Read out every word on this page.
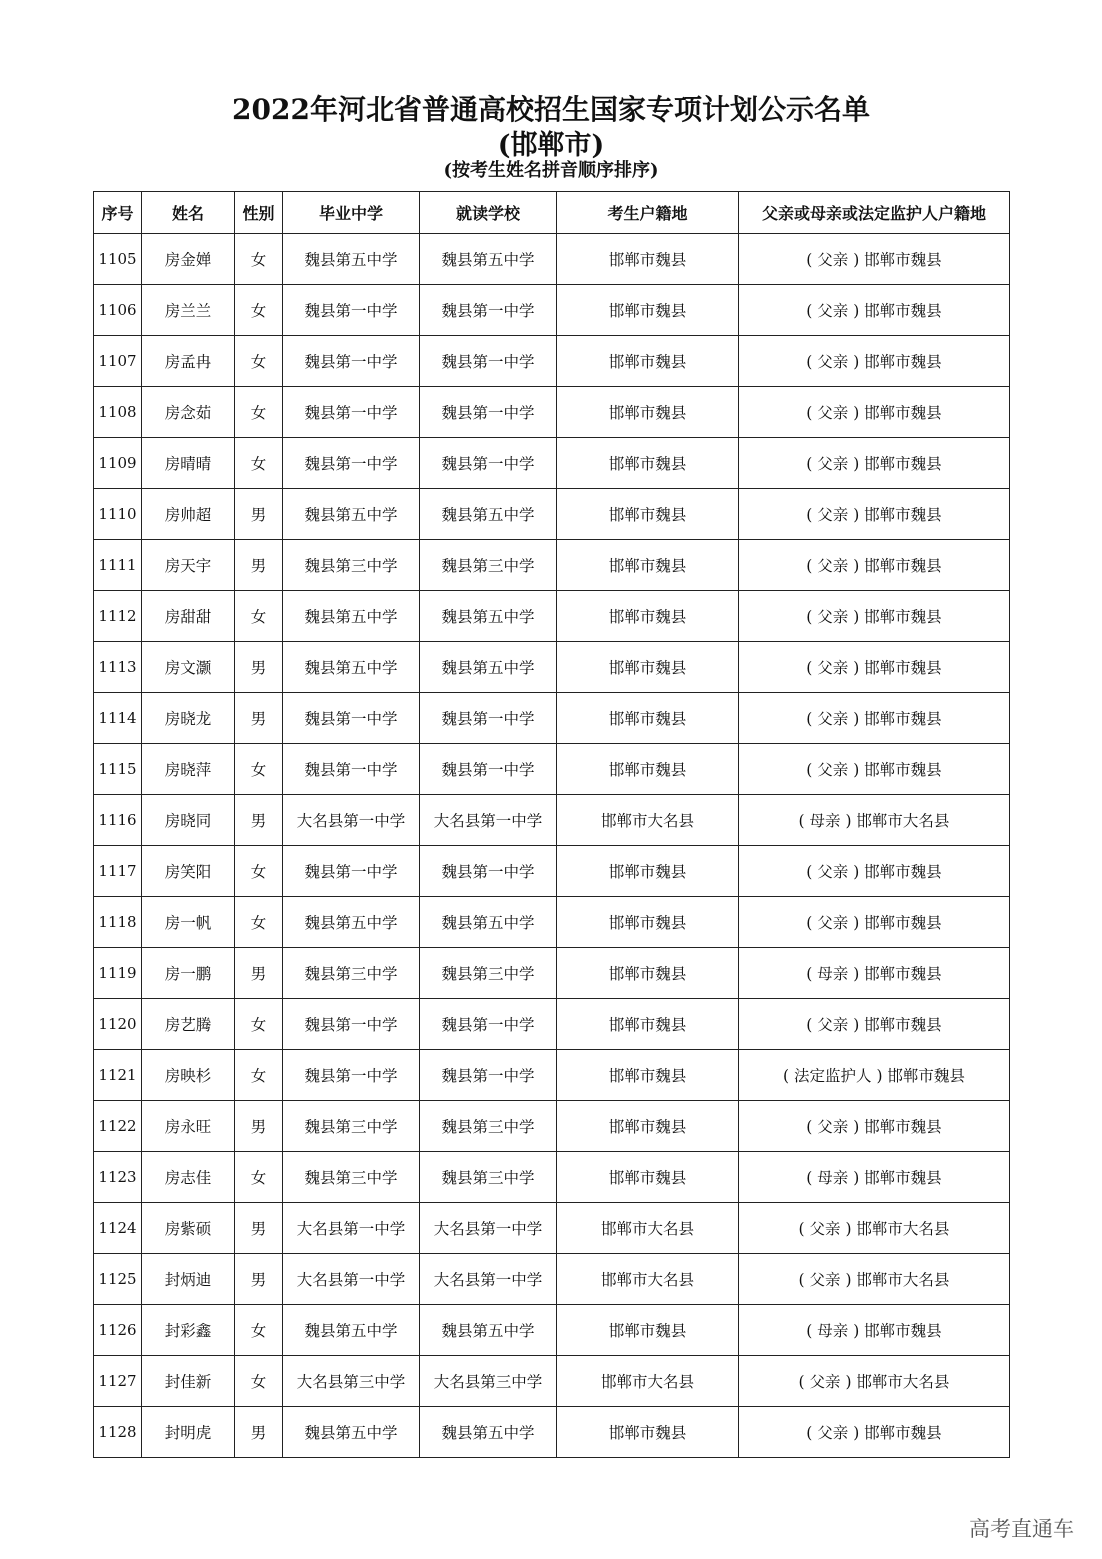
2022年河北省普通高校招生国家专项计划公示名单
(邯郸市)
(按考生姓名拼音顺序排序)
序号	姓名	性别	毕业中学	就读学校	考生户籍地	父亲或母亲或法定监护人户籍地
1105	房金婵	女	魏县第五中学	魏县第五中学	邯郸市魏县	( 父亲 ) 邯郸市魏县
1106	房兰兰	女	魏县第一中学	魏县第一中学	邯郸市魏县	( 父亲 ) 邯郸市魏县
1107	房孟冉	女	魏县第一中学	魏县第一中学	邯郸市魏县	( 父亲 ) 邯郸市魏县
1108	房念茹	女	魏县第一中学	魏县第一中学	邯郸市魏县	( 父亲 ) 邯郸市魏县
1109	房晴晴	女	魏县第一中学	魏县第一中学	邯郸市魏县	( 父亲 ) 邯郸市魏县
1110	房帅超	男	魏县第五中学	魏县第五中学	邯郸市魏县	( 父亲 ) 邯郸市魏县
1111	房天宇	男	魏县第三中学	魏县第三中学	邯郸市魏县	( 父亲 ) 邯郸市魏县
1112	房甜甜	女	魏县第五中学	魏县第五中学	邯郸市魏县	( 父亲 ) 邯郸市魏县
1113	房文灏	男	魏县第五中学	魏县第五中学	邯郸市魏县	( 父亲 ) 邯郸市魏县
1114	房晓龙	男	魏县第一中学	魏县第一中学	邯郸市魏县	( 父亲 ) 邯郸市魏县
1115	房晓萍	女	魏县第一中学	魏县第一中学	邯郸市魏县	( 父亲 ) 邯郸市魏县
1116	房晓同	男	大名县第一中学	大名县第一中学	邯郸市大名县	( 母亲 ) 邯郸市大名县
1117	房笑阳	女	魏县第一中学	魏县第一中学	邯郸市魏县	( 父亲 ) 邯郸市魏县
1118	房一帆	女	魏县第五中学	魏县第五中学	邯郸市魏县	( 父亲 ) 邯郸市魏县
1119	房一鹏	男	魏县第三中学	魏县第三中学	邯郸市魏县	( 母亲 ) 邯郸市魏县
1120	房艺腾	女	魏县第一中学	魏县第一中学	邯郸市魏县	( 父亲 ) 邯郸市魏县
1121	房映杉	女	魏县第一中学	魏县第一中学	邯郸市魏县	( 法定监护人 ) 邯郸市魏县
1122	房永旺	男	魏县第三中学	魏县第三中学	邯郸市魏县	( 父亲 ) 邯郸市魏县
1123	房志佳	女	魏县第三中学	魏县第三中学	邯郸市魏县	( 母亲 ) 邯郸市魏县
1124	房紫硕	男	大名县第一中学	大名县第一中学	邯郸市大名县	( 父亲 ) 邯郸市大名县
1125	封炳迪	男	大名县第一中学	大名县第一中学	邯郸市大名县	( 父亲 ) 邯郸市大名县
1126	封彩鑫	女	魏县第五中学	魏县第五中学	邯郸市魏县	( 母亲 ) 邯郸市魏县
1127	封佳新	女	大名县第三中学	大名县第三中学	邯郸市大名县	( 父亲 ) 邯郸市大名县
1128	封明虎	男	魏县第五中学	魏县第五中学	邯郸市魏县	( 父亲 ) 邯郸市魏县
高考直通车
